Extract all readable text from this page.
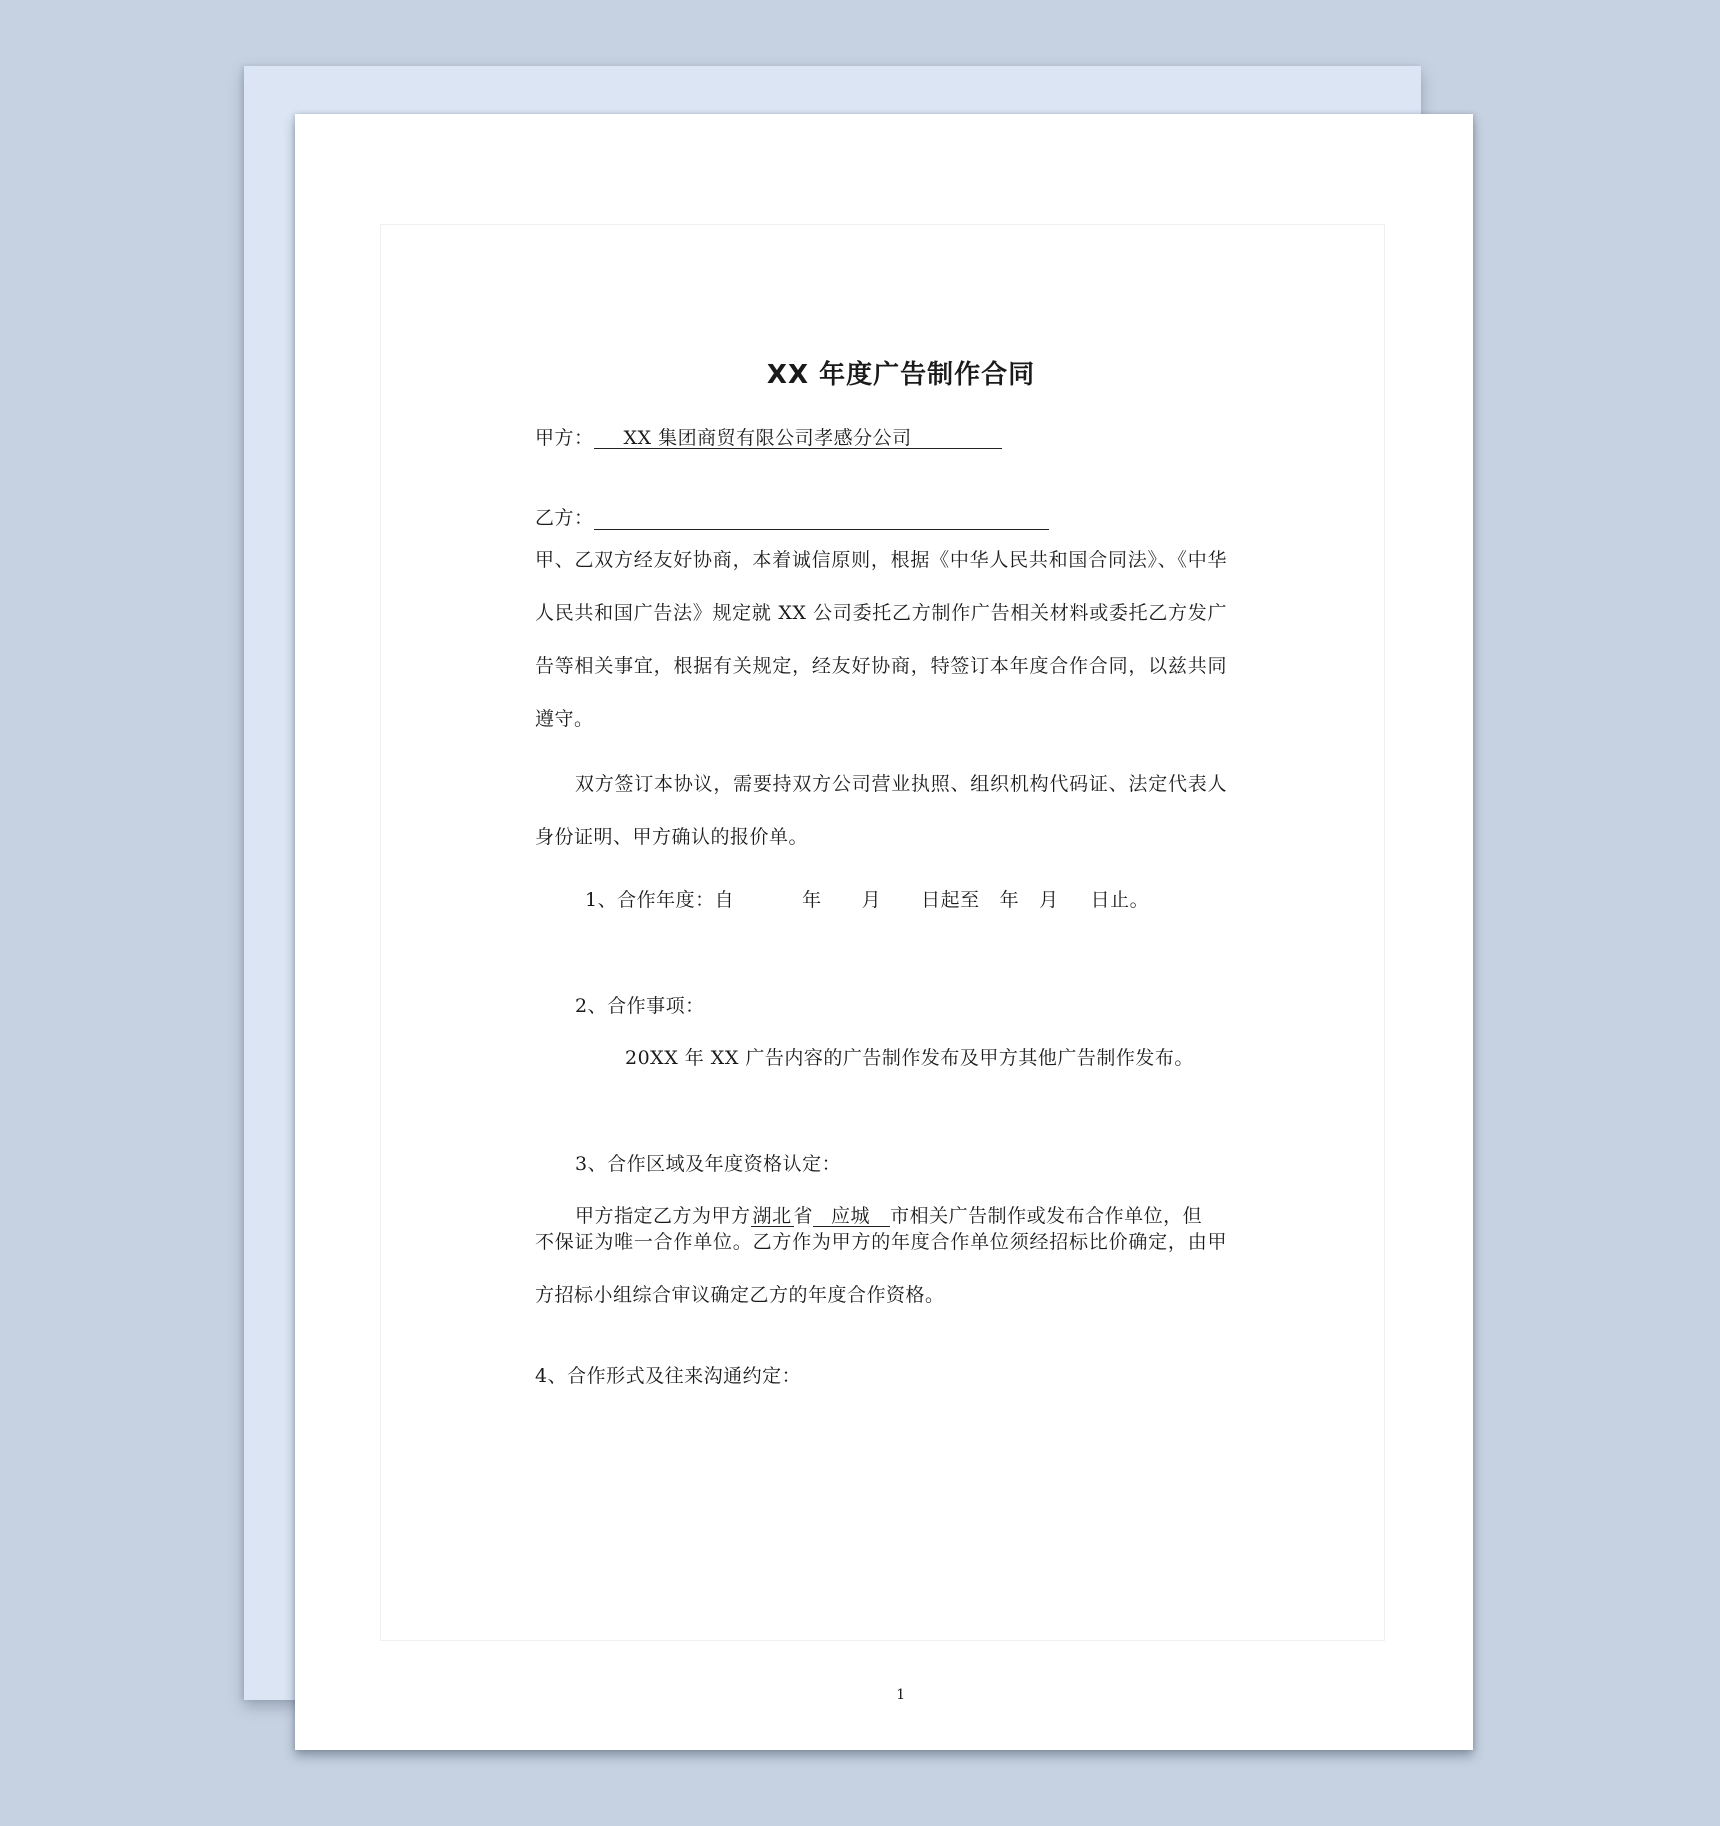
XX 年度广告制作合同
甲方： XX 集团商贸有限公司孝感分公司
乙方：
甲、乙双方经友好协商，本着诚信原则，根据《中华人民共和国合同法》、《中华人民共和国广告法》规定就 XX 公司委托乙方制作广告相关材料或委托乙方发广告等相关事宜，根据有关规定，经友好协商，特签订本年度合作合同，以兹共同遵守。
双方签订本协议，需要持双方公司营业执照、组织机构代码证、法定代表人身份证明、甲方确认的报价单。
1、合作年度：自	年 月 日起至 年 月 日止。
2、合作事项：
20XX 年 XX 广告内容的广告制作发布及甲方其他广告制作发布。
3、合作区域及年度资格认定：
甲方指定乙方为甲方 湖北 省 应城 市相关广告制作或发布合作单位，但
不保证为唯一合作单位。乙方作为甲方的年度合作单位须经招标比价确定，由甲方招标小组综合审议确定乙方的年度合作资格。
4、合作形式及往来沟通约定：
1
